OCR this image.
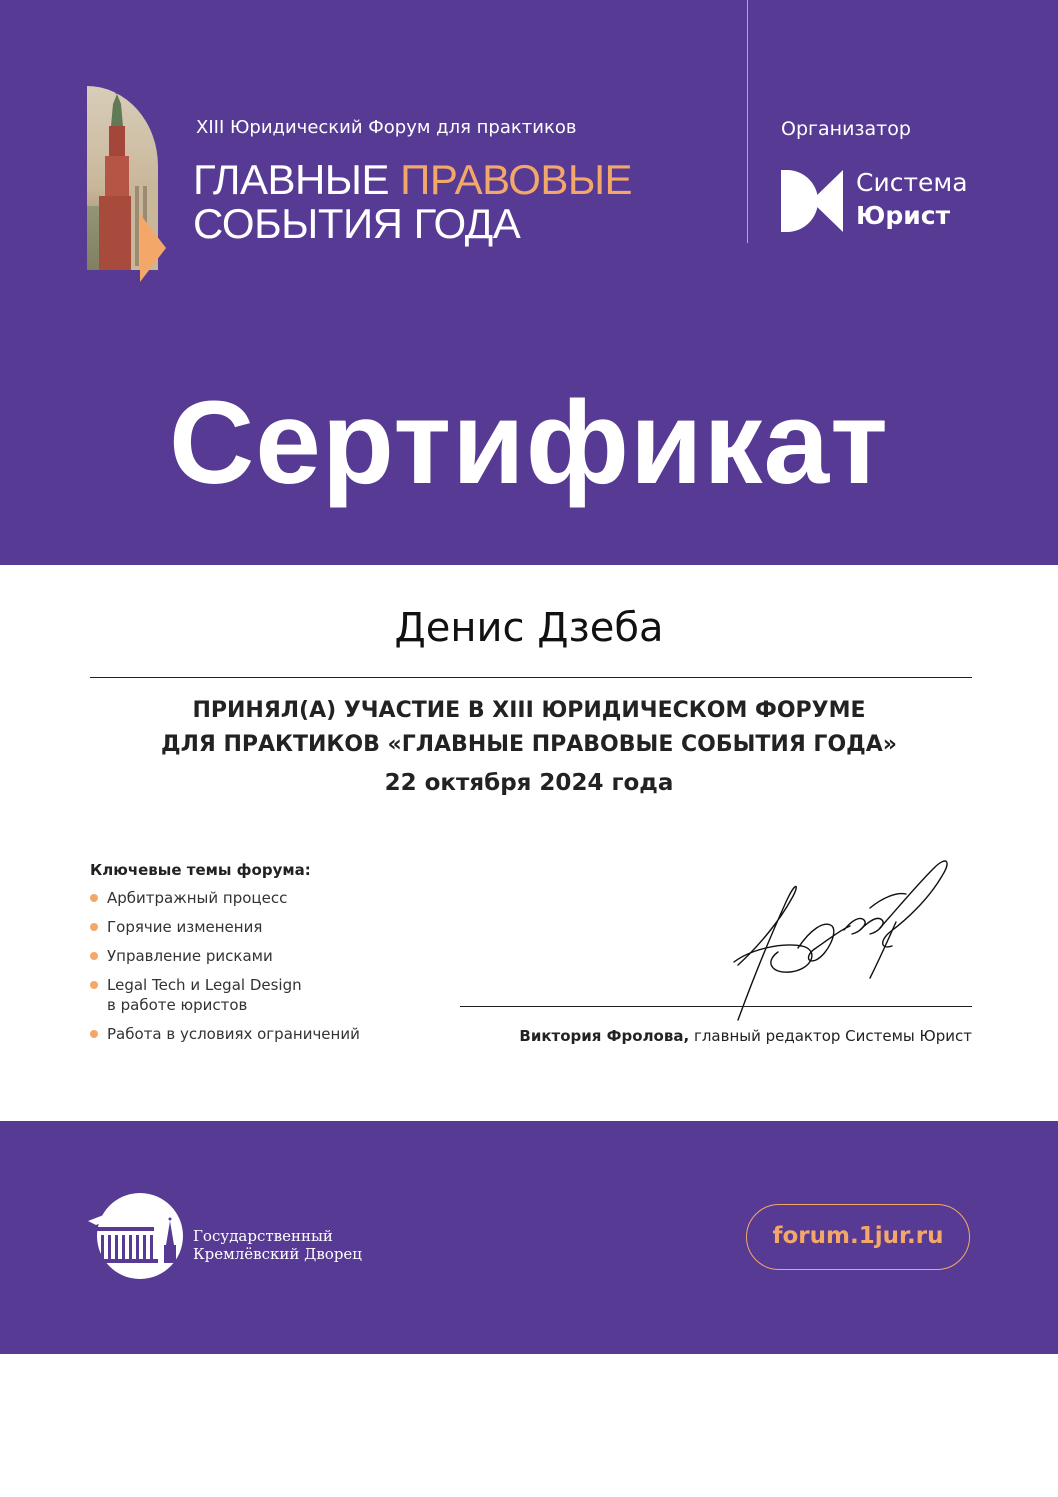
XIII Юридический Форум для практиков
ГЛАВНЫЕ ПРАВОВЫЕ
СОБЫТИЯ ГОДА
Организатор
Система
Юрист
Сертификат
Денис Дзеба
ПРИНЯЛ(А) УЧАСТИЕ В XIII ЮРИДИЧЕСКОМ ФОРУМЕ
ДЛЯ ПРАКТИКОВ «ГЛАВНЫЕ ПРАВОВЫЕ СОБЫТИЯ ГОДА»
22 октября 2024 года
Ключевые темы форума:
Арбитражный процесс
Горячие изменения
Управление рисками
Legal Tech и Legal Design
в работе юристов
Работа в условиях ограничений	Виктория Фролова, главный редактор Системы Юрист
Государственный
Кремлёвский Дворец
forum.1jur.ru
